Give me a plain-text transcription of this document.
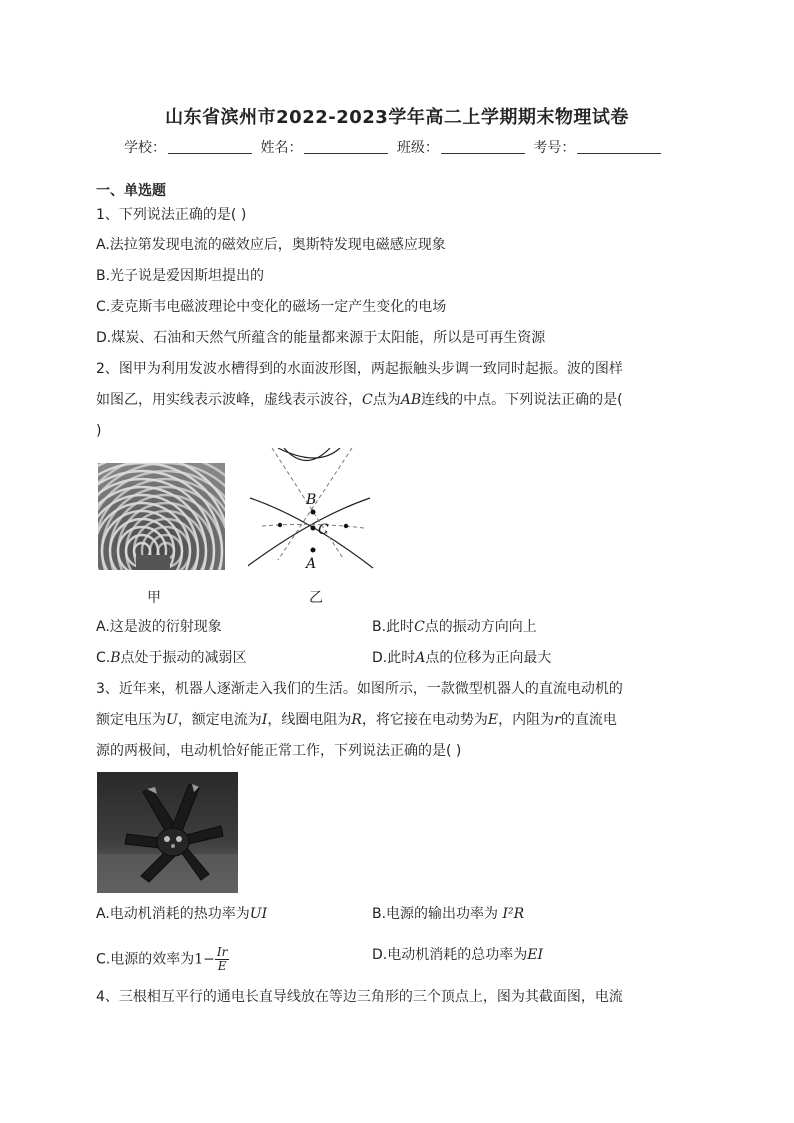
山东省滨州市2022-2023学年高二上学期期末物理试卷
学校：	姓名：	班级：	考号：
一、单选题
1、下列说法正确的是( )
A.法拉第发现电流的磁效应后，奥斯特发现电磁感应现象
B.光子说是爱因斯坦提出的
C.麦克斯韦电磁波理论中变化的磁场一定产生变化的电场
D.煤炭、石油和天然气所蕴含的能量都来源于太阳能，所以是可再生资源
2、图甲为利用发波水槽得到的水面波形图，两起振触头步调一致同时起振。波的图样
如图乙，用实线表示波峰，虚线表示波谷，C点为AB连线的中点。下列说法正确的是(
)
甲
B
C
A
乙
A.这是波的衍射现象	B.此时C点的振动方向向上
C.B点处于振动的减弱区	D.此时A点的位移为正向最大
3、近年来，机器人逐渐走入我们的生活。如图所示，一款微型机器人的直流电动机的
额定电压为U，额定电流为I，线圈电阻为R，将它接在电动势为E，内阻为r的直流电
源的两极间，电动机恰好能正常工作，下列说法正确的是( )
A.电动机消耗的热功率为UI	B.电源的输出功率为 I²R
C.电源的效率为$1- \frac{Ir}{E}$	D.电动机消耗的总功率为EI
4、三根相互平行的通电长直导线放在等边三角形的三个顶点上，图为其截面图，电流
